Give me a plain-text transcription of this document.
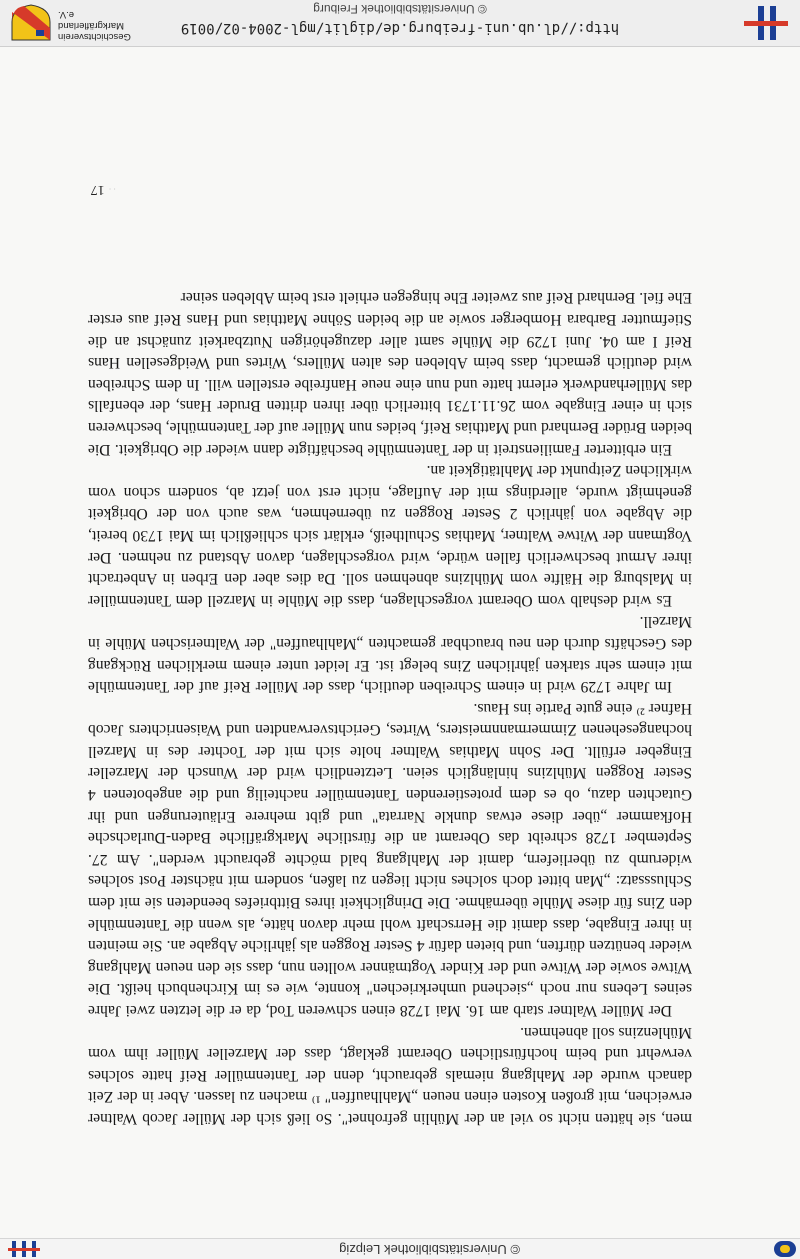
© Universitätsbibliothek Leipzig

men, sie hätten nicht so viel an der Mühlin gefrohnet". So ließ sich der Müller Jacob Waltner erweichen, mit großen Kosten einen neuen „Mahlhauffen" ¹⁾ machen zu lassen. Aber in der Zeit danach wurde der Mahlgang niemals gebraucht, denn der Tantenmüller Reif hatte solches verwehrt und beim hochfürstlichen Oberamt geklagt, dass der Marzeller Müller ihm vom Mühlenzins soll abnehmen.

Der Müller Waltner starb am 16. Mai 1728 einen schweren Tod, da er die letzten zwei Jahre seines Lebens nur noch „siechend umherkriechen" konnte, wie es im Kirchenbuch heißt. Die Witwe sowie der Witwe und der Kinder Vogtmänner wollten nun, dass sie den neuen Mahlgang wieder benützen dürften, und bieten dafür 4 Sester Roggen als jährliche Abgabe an. Sie meinten in ihrer Eingabe, dass damit die Herrschaft wohl mehr davon hätte, als wenn die Tantenmühle den Zins für diese Mühle übernähme. Die Dringlichkeit ihres Bittbriefes beendeten sie mit dem Schlusssatz: „Man bittet doch solches nicht liegen zu laßen, sondern mit nächster Post solches widerumb zu überliefern, damit der Mahlgang bald möchte gebraucht werden". Am 27. September 1728 schreibt das Oberamt an die fürstliche Markgräfliche Baden-Durlachsche Hofkammer „über diese etwas dunkle Narrata" und gibt mehrere Erläuterungen und ihr Gutachten dazu, ob es dem protestierenden Tantenmüller nachteilig und die angebotenen 4 Sester Roggen Mühlzins hinlänglich seien. Letztendlich wird der Wunsch der Marzeller Eingeber erfüllt. Der Sohn Mathias Waltner holte sich mit der Tochter des in Marzell hochangesehenen Zimmermannmeisters, Wirtes, Gerichtsverwandten und Waisenrichters Jacob Hafner ²⁾ eine gute Partie ins Haus.

Im Jahre 1729 wird in einem Schreiben deutlich, dass der Müller Reif auf der Tantenmühle mit einem sehr starken jährlichen Zins belegt ist. Er leidet unter einem merklichen Rückgang des Geschäfts durch den neu brauchbar gemachten „Mahlhauffen" der Waltnerischen Mühle in Marzell.

Es wird deshalb vom Oberamt vorgeschlagen, dass die Mühle in Marzell dem Tantenmüller in Malsburg die Hälfte vom Mühlzins abnehmen soll. Da dies aber den Erben in Anbetracht ihrer Armut beschwerlich fallen würde, wird vorgeschlagen, davon Abstand zu nehmen. Der Vogtmann der Witwe Waltner, Mathias Schultheiß, erklärt sich schließlich im Mai 1730 bereit, die Abgabe von jährlich 2 Sester Roggen zu übernehmen, was auch von der Obrigkeit genehmigt wurde, allerdings mit der Auflage, nicht erst von jetzt ab, sondern schon vom wirklichen Zeitpunkt der Mahltätigkeit an.

Ein erbitterter Familienstreit in der Tantenmühle beschäftigte dann wieder die Obrigkeit. Die beiden Brüder Bernhard und Matthias Reif, beides nun Müller auf der Tantenmühle, beschweren sich in einer Eingabe vom 26.11.1731 bitterlich über ihren dritten Bruder Hans, der ebenfalls das Müllerhandwerk erlernt hatte und nun eine neue Hanfreibe erstellen will. In dem Schreiben wird deutlich gemacht, dass beim Ableben des alten Müllers, Wirtes und Weidgesellen Hans Reif I am 04. Juni 1729 die Mühle samt aller dazugehörigen Nutzbarkeit zunächst an die Stiefmutter Barbara Homberger sowie an die beiden Söhne Matthias und Hans Reif aus erster Ehe fiel. Bernhard Reif aus zweiter Ehe hingegen erhielt erst beim Ableben seiner

· ·17
http://dl.ub.uni-freiburg.de/diglit/mgl-2004-02/0019
© Universitätsbibliothek Freiburg
Geschichtsverein Markgräflerland e.V.
